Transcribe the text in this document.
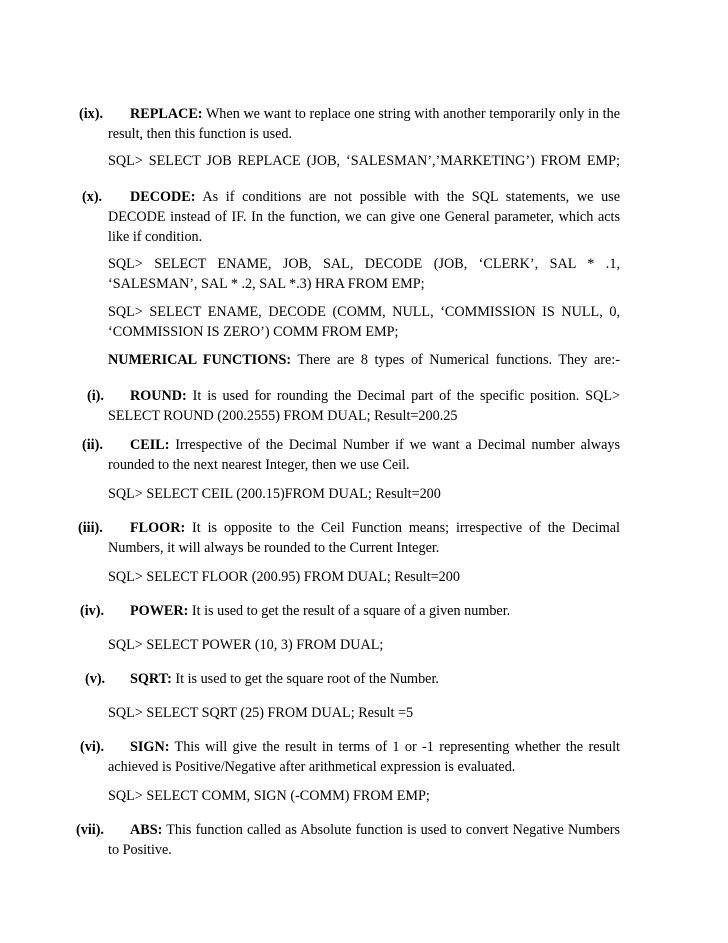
(ix).	REPLACE: When we want to replace one string with another temporarily only in the result, then this function is used.
SQL> SELECT JOB REPLACE (JOB, ‘SALESMAN’,’MARKETING’) FROM EMP;
(x).	DECODE: As if conditions are not possible with the SQL statements, we use DECODE instead of IF. In the function, we can give one General parameter, which acts like if condition.
SQL> SELECT ENAME, JOB, SAL, DECODE (JOB, ‘CLERK’, SAL * .1, ‘SALESMAN’, SAL * .2, SAL *.3) HRA FROM EMP;
SQL> SELECT ENAME, DECODE (COMM, NULL, ‘COMMISSION IS NULL, 0, ‘COMMISSION IS ZERO’) COMM FROM EMP;
NUMERICAL FUNCTIONS: There are 8 types of Numerical functions. They are:-
(i).	ROUND: It is used for rounding the Decimal part of the specific position. SQL> SELECT ROUND (200.2555) FROM DUAL; Result=200.25
(ii).	CEIL: Irrespective of the Decimal Number if we want a Decimal number always rounded to the next nearest Integer, then we use Ceil.
SQL> SELECT CEIL (200.15)FROM DUAL; Result=200
(iii).	FLOOR: It is opposite to the Ceil Function means; irrespective of the Decimal Numbers, it will always be rounded to the Current Integer.
SQL> SELECT FLOOR (200.95) FROM DUAL; Result=200
(iv).	POWER: It is used to get the result of a square of a given number.
SQL> SELECT POWER (10, 3) FROM DUAL;
(v).	SQRT: It is used to get the square root of the Number.
SQL> SELECT SQRT (25) FROM DUAL; Result =5
(vi).	SIGN: This will give the result in terms of 1 or -1 representing whether the result achieved is Positive/Negative after arithmetical expression is evaluated.
SQL> SELECT COMM, SIGN (-COMM) FROM EMP;
(vii).	ABS: This function called as Absolute function is used to convert Negative Numbers to Positive.
